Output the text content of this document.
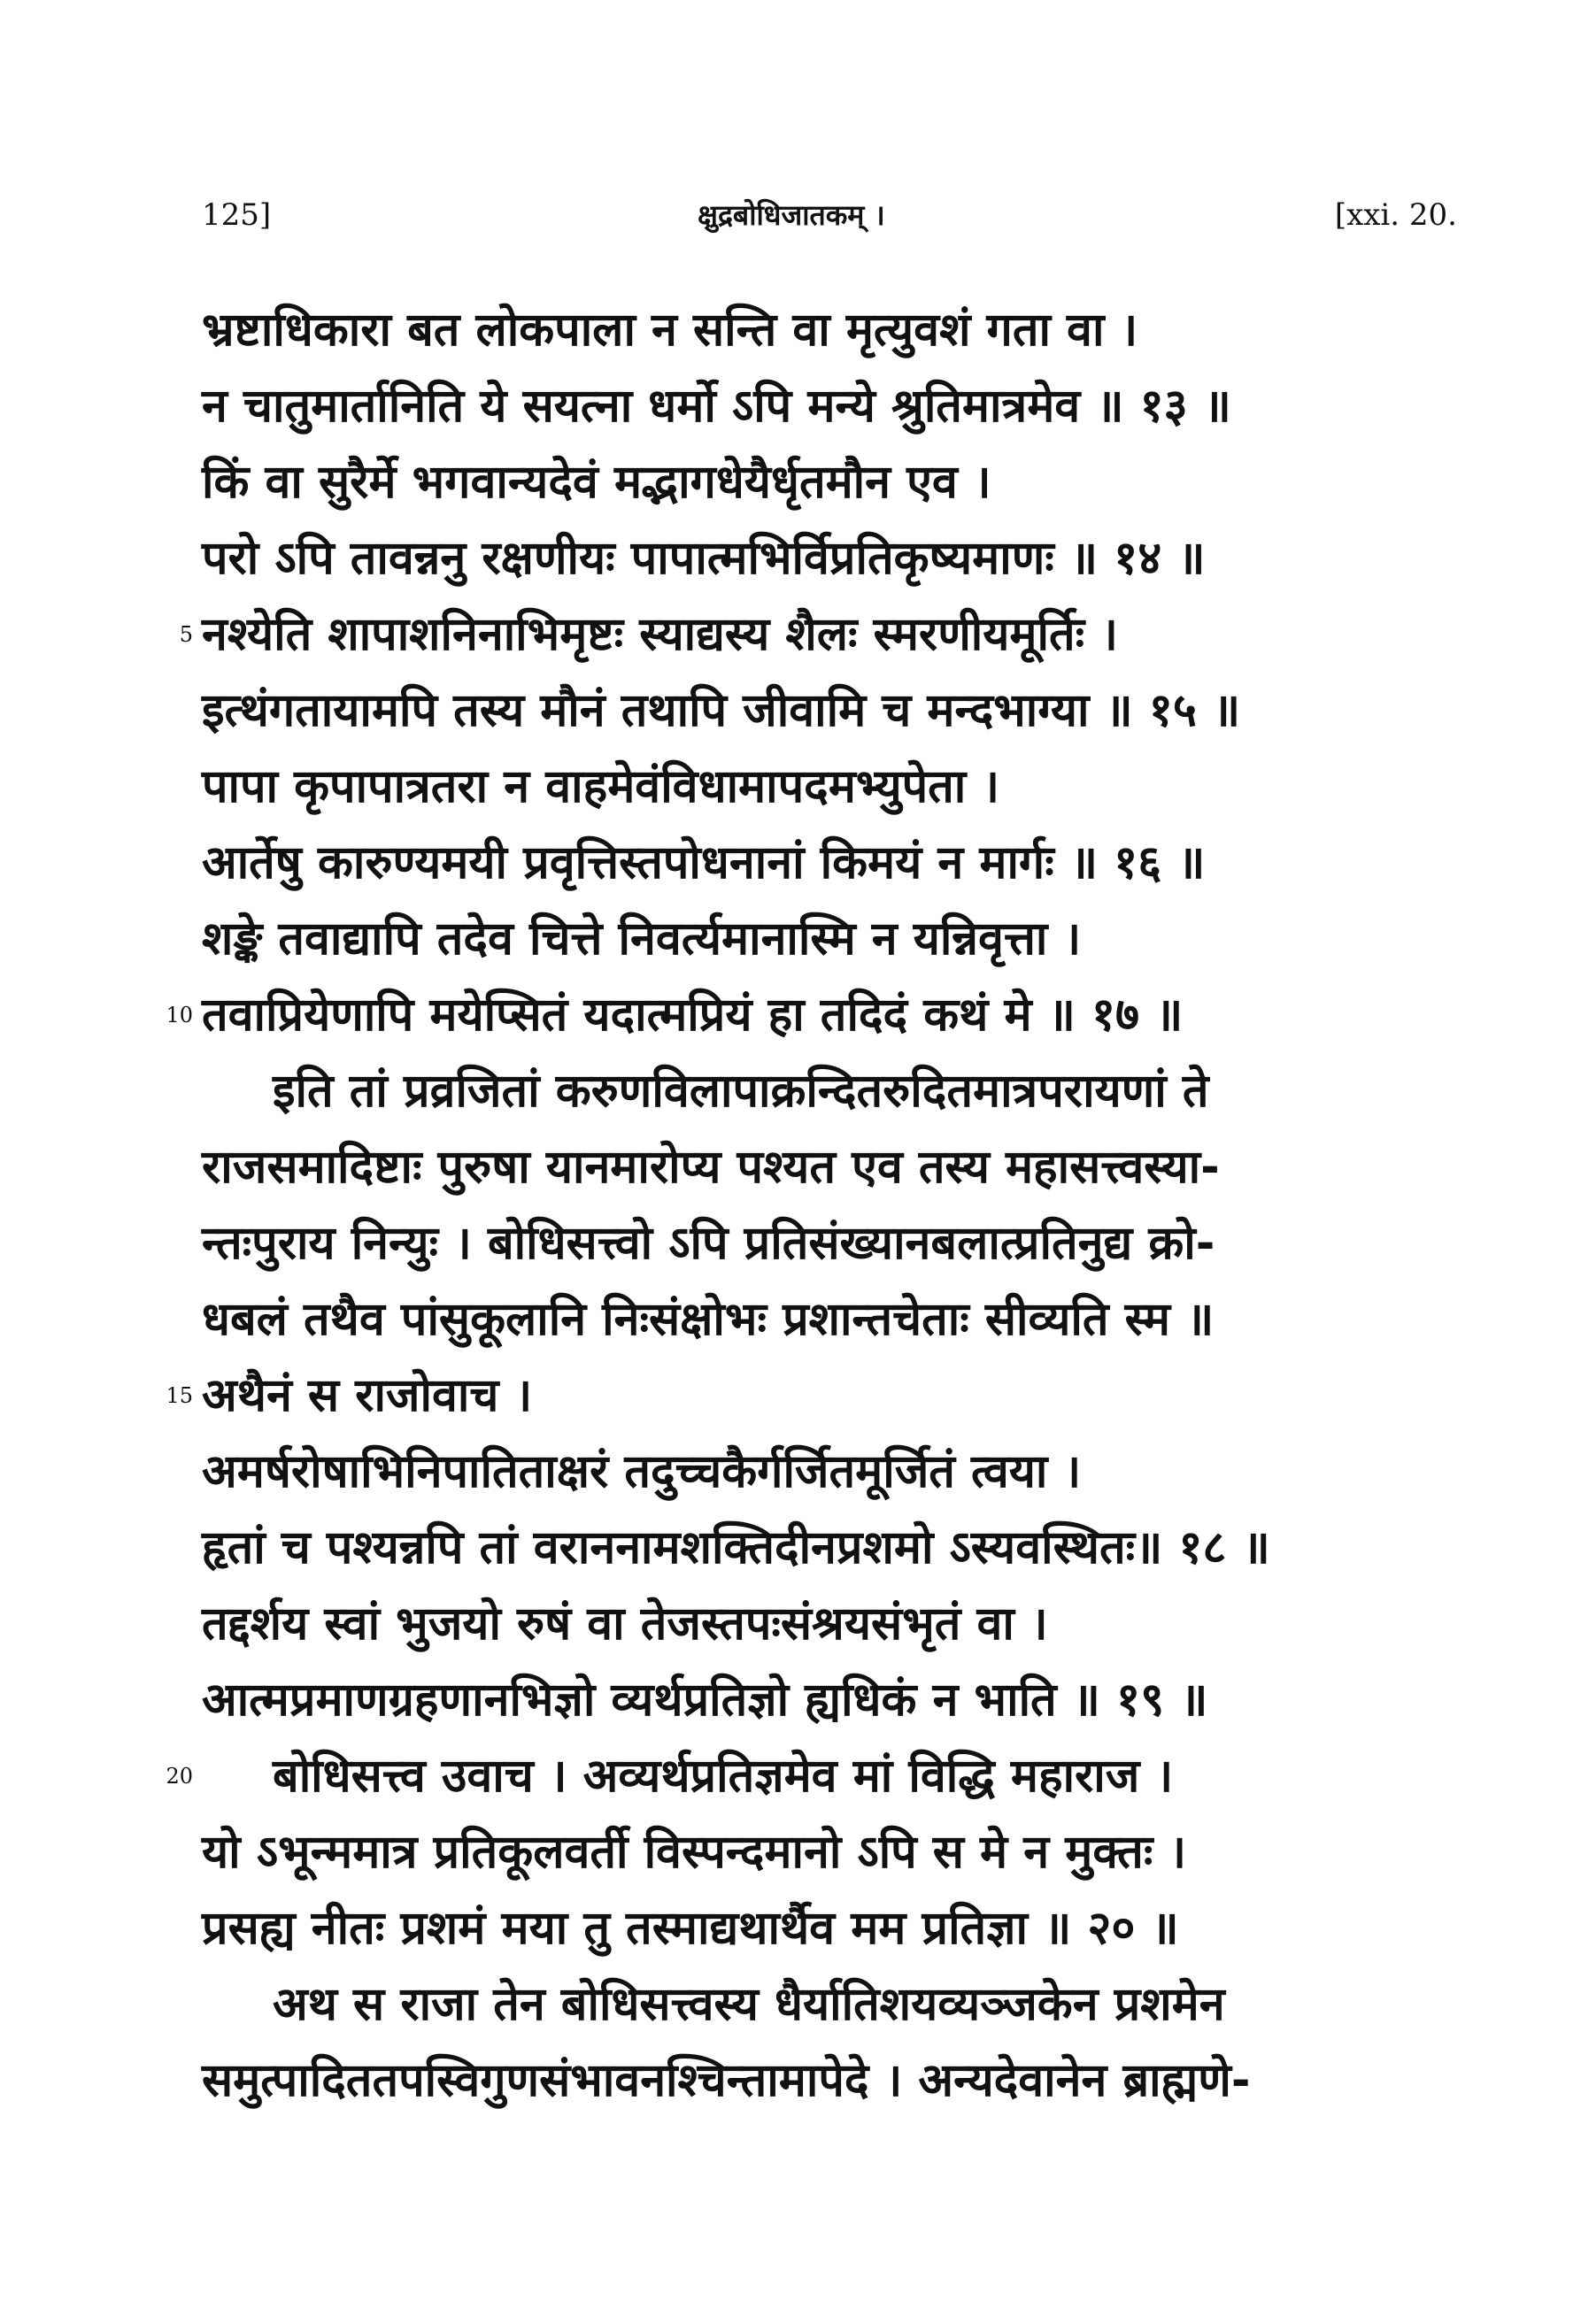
125]	क्षुद्रबोधिजातकम् ।	[xxi. 20.
भ्रष्टाधिकारा बत लोकपाला न सन्ति वा मृत्युवशं गता वा ।
न चातुमार्तानिति ये सयत्ना धर्मो ऽपि मन्ये श्रुतिमात्रमेव ॥ १३ ॥
किं वा सुरैर्मे भगवान्यदेवं मद्भागधेयैर्धृतमौन एव ।
परो ऽपि तावन्ननु रक्षणीयः पापात्मभिर्विप्रतिकृष्यमाणः ॥ १४ ॥
5 नश्येति शापाशनिनाभिमृष्टः स्याद्यस्य शैलः स्मरणीयमूर्तिः ।
इत्थंगतायामपि तस्य मौनं तथापि जीवामि च मन्दभाग्या ॥ १५ ॥
पापा कृपापात्रतरा न वाहमेवंविधामापदमभ्युपेता ।
आर्तेषु कारुण्यमयी प्रवृत्तिस्तपोधनानां किमयं न मार्गः ॥ १६ ॥
शङ्के तवाद्यापि तदेव चित्ते निवर्त्यमानास्मि न यन्निवृत्ता ।
10 तवाप्रियेणापि मयेप्सितं यदात्मप्रियं हा तदिदं कथं मे ॥ १७ ॥
इति तां प्रव्रजितां करुणविलापाक्रन्दितरुदितमात्रपरायणां ते
राजसमादिष्टाः पुरुषा यानमारोप्य पश्यत एव तस्य महासत्त्वस्या-
न्तःपुराय निन्युः । बोधिसत्त्वो ऽपि प्रतिसंख्यानबलात्प्रतिनुद्य क्रो-
धबलं तथैव पांसुकूलानि निःसंक्षोभः प्रशान्तचेताः सीव्यति स्म ॥
15 अथैनं स राजोवाच ।
अमर्षरोषाभिनिपातिताक्षरं तदुच्चकैर्गर्जितमूर्जितं त्वया ।
हृतां च पश्यन्नपि तां वराननामशक्तिदीनप्रशमो ऽस्यवस्थितः॥ १८ ॥
तद्दर्शय स्वां भुजयो रुषं वा तेजस्तपःसंश्रयसंभृतं वा ।
आत्मप्रमाणग्रहणानभिज्ञो व्यर्थप्रतिज्ञो ह्यधिकं न भाति ॥ १९ ॥
20 बोधिसत्त्व उवाच । अव्यर्थप्रतिज्ञमेव मां विद्धि महाराज ।
यो ऽभून्ममात्र प्रतिकूलवर्ती विस्पन्दमानो ऽपि स मे न मुक्तः ।
प्रसह्य नीतः प्रशमं मया तु तस्माद्यथार्थैव मम प्रतिज्ञा ॥ २० ॥
अथ स राजा तेन बोधिसत्त्वस्य धैर्यातिशयव्यञ्जकेन प्रशमेन
समुत्पादिततपस्विगुणसंभावनश्चिन्तामापेदे । अन्यदेवानेन ब्राह्मणे-
